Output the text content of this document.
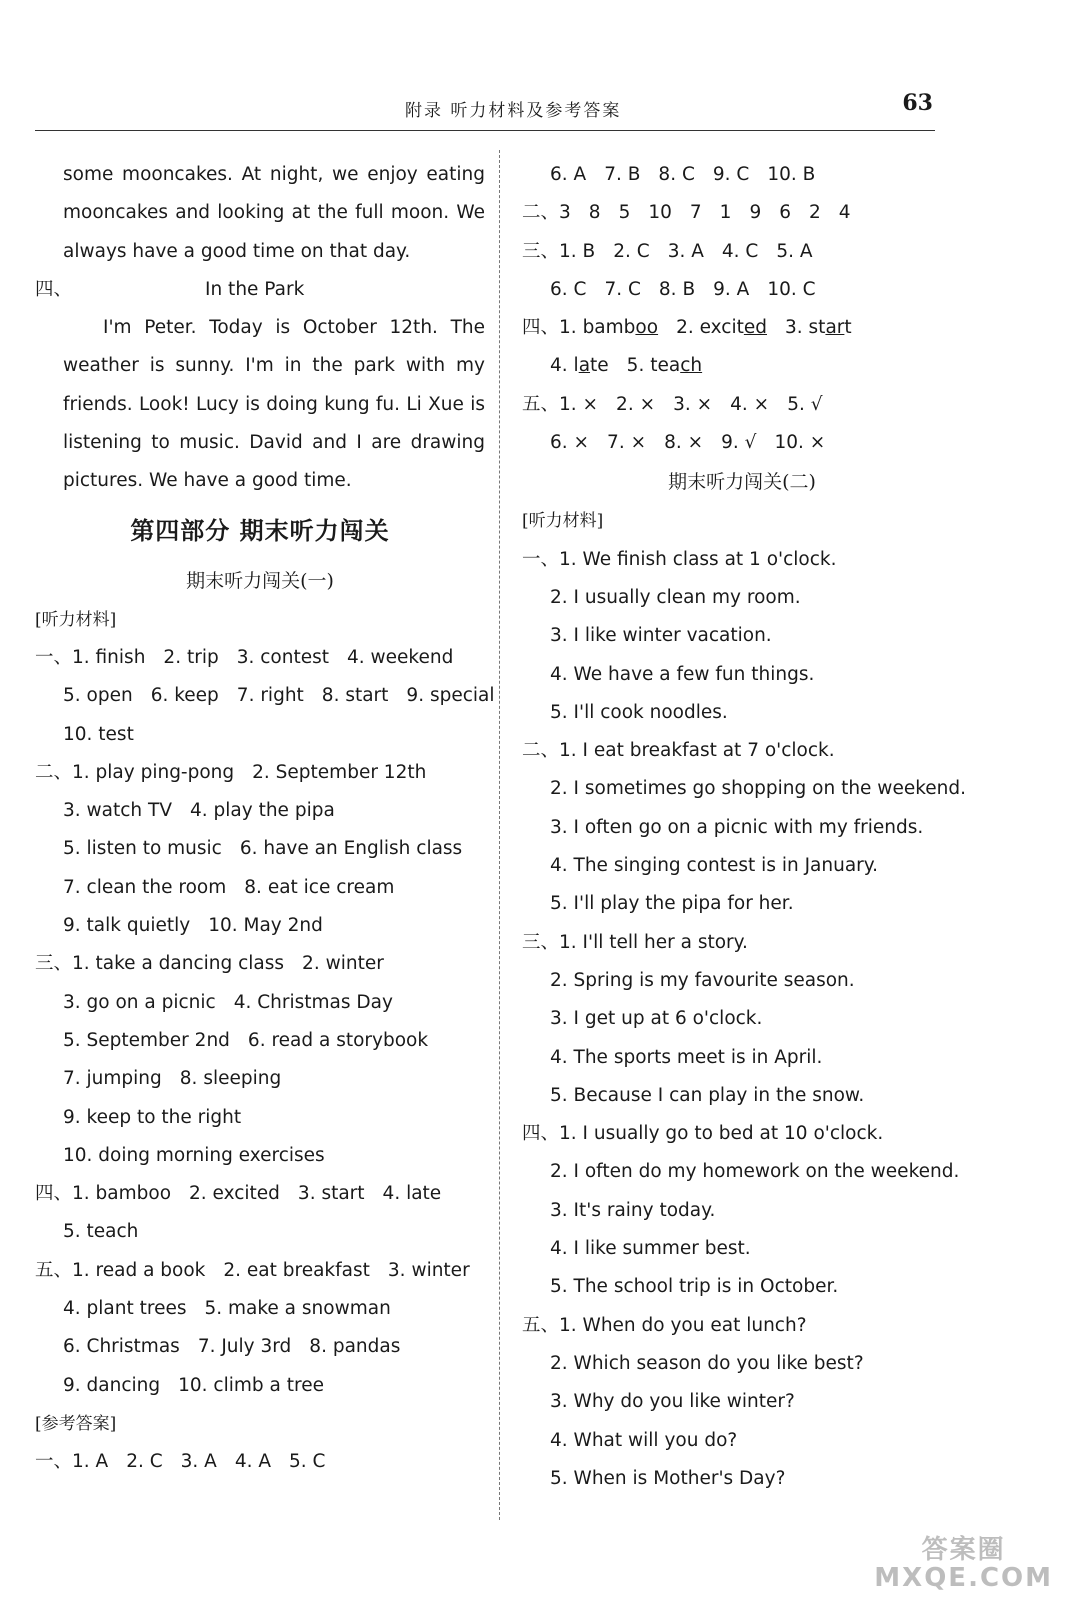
附录 听力材料及参考答案	63
some mooncakes. At night, we enjoy eating
mooncakes and looking at the full moon. We
always have a good time on that day.
四、	In the Park
I'm Peter. Today is October 12th. The
weather is sunny. I'm in the park with my
friends. Look! Lucy is doing kung fu. Li Xue is
listening to music. David and I are drawing
pictures. We have a good time.
第四部分 期末听力闯关
期末听力闯关(一)
[听力材料]
一、1. finish 2. trip 3. contest 4. weekend
5. open 6. keep 7. right 8. start 9. special
10. test
二、1. play ping-pong 2. September 12th
3. watch TV 4. play the pipa
5. listen to music 6. have an English class
7. clean the room 8. eat ice cream
9. talk quietly 10. May 2nd
三、1. take a dancing class 2. winter
3. go on a picnic 4. Christmas Day
5. September 2nd 6. read a storybook
7. jumping 8. sleeping
9. keep to the right
10. doing morning exercises
四、1. bamboo 2. excited 3. start 4. late
5. teach
五、1. read a book 2. eat breakfast 3. winter
4. plant trees 5. make a snowman
6. Christmas 7. July 3rd 8. pandas
9. dancing 10. climb a tree
[参考答案]
一、1. A 2. C 3. A 4. A 5. C
6. A 7. B 8. C 9. C 10. B
二、3 8 5 10 7 1 9 6 2 4
三、1. B 2. C 3. A 4. C 5. A
6. C 7. C 8. B 9. A 10. C
四、1. bamboo 2. excited 3. start
4. late 5. teach
五、1. × 2. × 3. × 4. × 5. √
6. × 7. × 8. × 9. √ 10. ×
期末听力闯关(二)
[听力材料]
一、1. We finish class at 1 o'clock.
2. I usually clean my room.
3. I like winter vacation.
4. We have a few fun things.
5. I'll cook noodles.
二、1. I eat breakfast at 7 o'clock.
2. I sometimes go shopping on the weekend.
3. I often go on a picnic with my friends.
4. The singing contest is in January.
5. I'll play the pipa for her.
三、1. I'll tell her a story.
2. Spring is my favourite season.
3. I get up at 6 o'clock.
4. The sports meet is in April.
5. Because I can play in the snow.
四、1. I usually go to bed at 10 o'clock.
2. I often do my homework on the weekend.
3. It's rainy today.
4. I like summer best.
5. The school trip is in October.
五、1. When do you eat lunch?
2. Which season do you like best?
3. Why do you like winter?
4. What will you do?
5. When is Mother's Day?
答案圈
MXQE.COM
